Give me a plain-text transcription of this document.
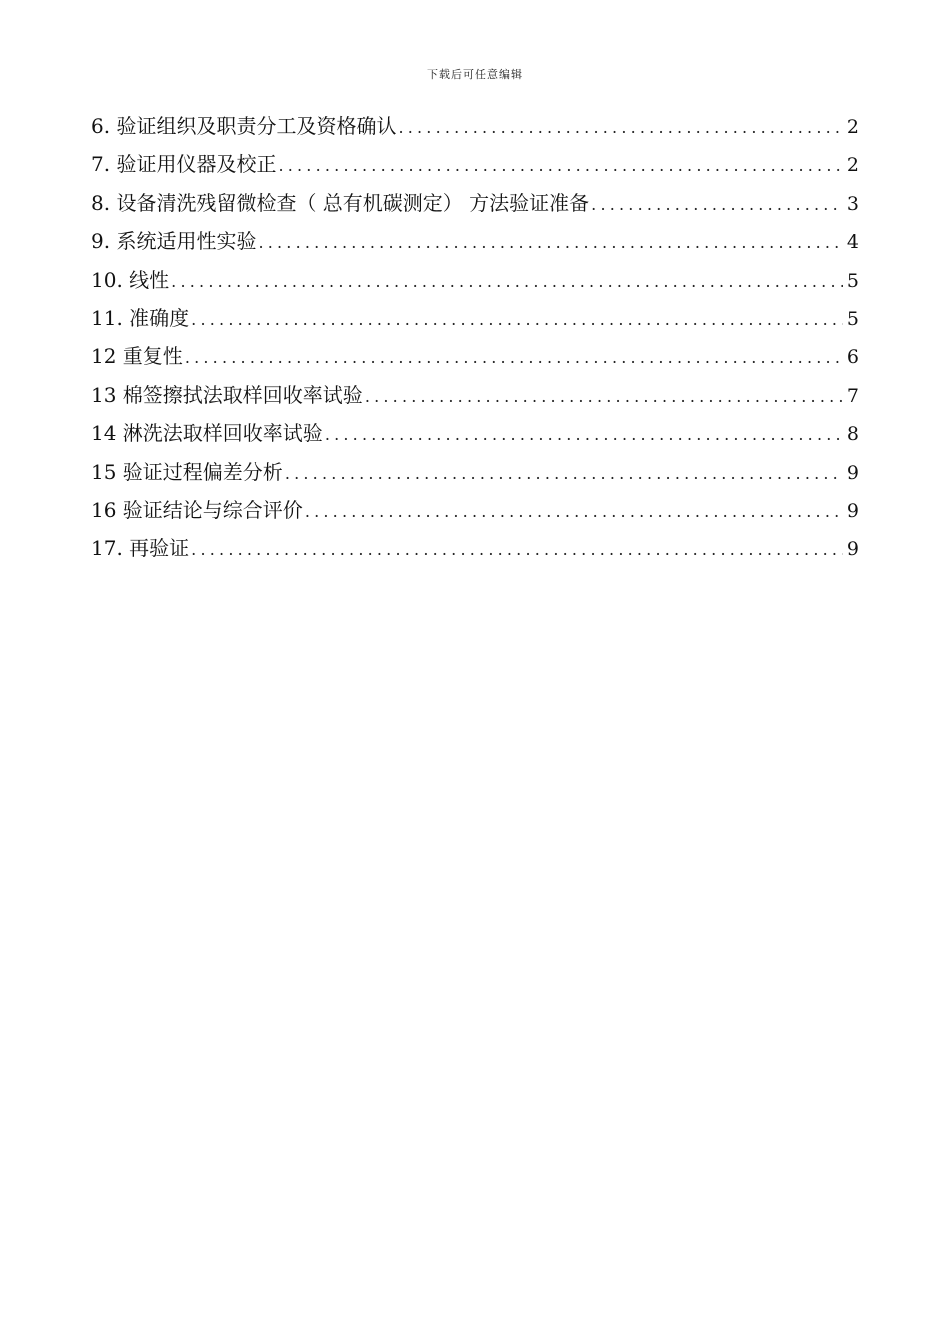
下载后可任意编辑
6. 验证组织及职责分工及资格确认 .....	2
7. 验证用仪器及校正 .....	2
8. 设备清洗残留微检查（ 总有机碳测定） 方法验证准备 .....	3
9. 系统适用性实验 .....	4
10. 线性 .....	5
11. 准确度 .....	5
12 重复性 .....	6
13 棉签擦拭法取样回收率试验 .....	7
14 淋洗法取样回收率试验 .....	8
15 验证过程偏差分析 .....	9
16 验证结论与综合评价 .....	9
17. 再验证 .....	9
